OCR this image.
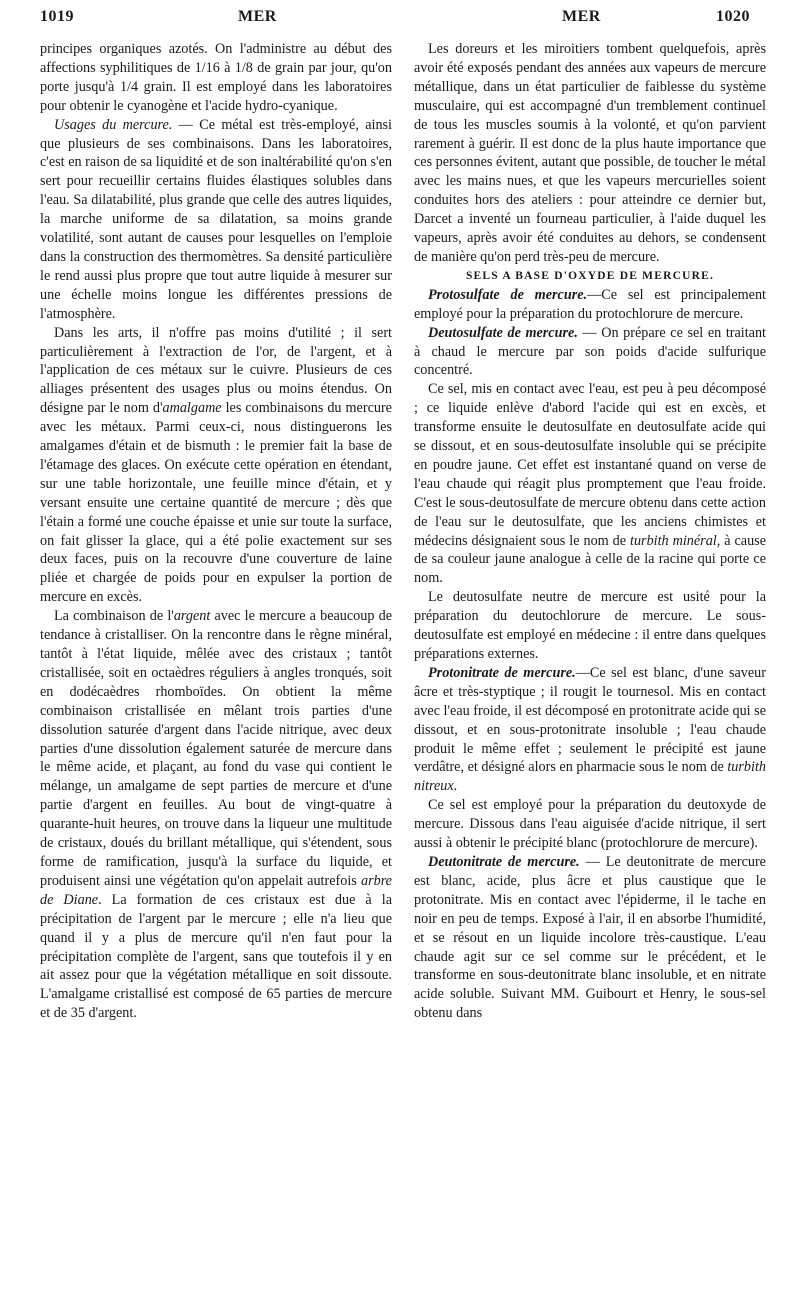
1019	MER	MER	1020

principes organiques azotés. On l'administre au début des affections syphilitiques de 1/16 à 1/8 de grain par jour, qu'on porte jusqu'à 1/4 grain. Il est employé dans les laboratoires pour obtenir le cyanogène et l'acide hydro-cyanique.

Usages du mercure. — Ce métal est très-employé, ainsi que plusieurs de ses combinaisons. Dans les laboratoires, c'est en raison de sa liquidité et de son inaltérabilité qu'on s'en sert pour recueillir certains fluides élastiques solubles dans l'eau. Sa dilatabilité, plus grande que celle des autres liquides, la marche uniforme de sa dilatation, sa moins grande volatilité, sont autant de causes pour lesquelles on l'emploie dans la construction des thermomètres. Sa densité particulière le rend aussi plus propre que tout autre liquide à mesurer sur une échelle moins longue les différentes pressions de l'atmosphère.

Dans les arts, il n'offre pas moins d'utilité ; il sert particulièrement à l'extraction de l'or, de l'argent, et à l'application de ces métaux sur le cuivre. Plusieurs de ces alliages présentent des usages plus ou moins étendus. On désigne par le nom d'amalgame les combinaisons du mercure avec les métaux. Parmi ceux-ci, nous distinguerons les amalgames d'étain et de bismuth : le premier fait la base de l'étamage des glaces. On exécute cette opération en étendant, sur une table horizontale, une feuille mince d'étain, et y versant ensuite une certaine quantité de mercure ; dès que l'étain a formé une couche épaisse et unie sur toute la surface, on fait glisser la glace, qui a été polie exactement sur ses deux faces, puis on la recouvre d'une couverture de laine pliée et chargée de poids pour en expulser la portion de mercure en excès.

La combinaison de l'argent avec le mercure a beaucoup de tendance à cristalliser. On la rencontre dans le règne minéral, tantôt à l'état liquide, mêlée avec des cristaux ; tantôt cristallisée, soit en octaèdres réguliers à angles tronqués, soit en dodécaèdres rhomboïdes. On obtient la même combinaison cristallisée en mêlant trois parties d'une dissolution saturée d'argent dans l'acide nitrique, avec deux parties d'une dissolution également saturée de mercure dans le même acide, et plaçant, au fond du vase qui contient le mélange, un amalgame de sept parties de mercure et d'une partie d'argent en feuilles. Au bout de vingt-quatre à quarante-huit heures, on trouve dans la liqueur une multitude de cristaux, doués du brillant métallique, qui s'étendent, sous forme de ramification, jusqu'à la surface du liquide, et produisent ainsi une végétation qu'on appelait autrefois arbre de Diane. La formation de ces cristaux est due à la précipitation de l'argent par le mercure ; elle n'a lieu que quand il y a plus de mercure qu'il n'en faut pour la précipitation complète de l'argent, sans que toutefois il y en ait assez pour que la végétation métallique en soit dissoute. L'amalgame cristallisé est composé de 65 parties de mercure et de 35 d'argent.

Les doreurs et les miroitiers tombent quelquefois, après avoir été exposés pendant des années aux vapeurs de mercure métallique, dans un état particulier de faiblesse du système musculaire, qui est accompagné d'un tremblement continuel de tous les muscles soumis à la volonté, et qu'on parvient rarement à guérir. Il est donc de la plus haute importance que ces personnes évitent, autant que possible, de toucher le métal avec les mains nues, et que les vapeurs mercurielles soient conduites hors des ateliers : pour atteindre ce dernier but, Darcet a inventé un fourneau particulier, à l'aide duquel les vapeurs, après avoir été conduites au dehors, se condensent de manière qu'on perd très-peu de mercure.

SELS A BASE D'OXYDE DE MERCURE.

Protosulfate de mercure.—Ce sel est principalement employé pour la préparation du protochlorure de mercure.

Deutosulfate de mercure. — On prépare ce sel en traitant à chaud le mercure par son poids d'acide sulfurique concentré.

Ce sel, mis en contact avec l'eau, est peu à peu décomposé ; ce liquide enlève d'abord l'acide qui est en excès, et transforme ensuite le deutosulfate en deutosulfate acide qui se dissout, et en sous-deutosulfate insoluble qui se précipite en poudre jaune. Cet effet est instantané quand on verse de l'eau chaude qui réagit plus promptement que l'eau froide. C'est le sous-deutosulfate de mercure obtenu dans cette action de l'eau sur le deutosulfate, que les anciens chimistes et médecins désignaient sous le nom de turbith minéral, à cause de sa couleur jaune analogue à celle de la racine qui porte ce nom.

Le deutosulfate neutre de mercure est usité pour la préparation du deutochlorure de mercure. Le sous-deutosulfate est employé en médecine : il entre dans quelques préparations externes.

Protonitrate de mercure.—Ce sel est blanc, d'une saveur âcre et très-styptique ; il rougit le tournesol. Mis en contact avec l'eau froide, il est décomposé en protonitrate acide qui se dissout, et en sous-protonitrate insoluble ; l'eau chaude produit le même effet ; seulement le précipité est jaune verdâtre, et désigné alors en pharmacie sous le nom de turbith nitreux.

Ce sel est employé pour la préparation du deutoxyde de mercure. Dissous dans l'eau aiguisée d'acide nitrique, il sert aussi à obtenir le précipité blanc (protochlorure de mercure).

Deutonitrate de mercure. — Le deutonitrate de mercure est blanc, acide, plus âcre et plus caustique que le protonitrate. Mis en contact avec l'épiderme, il le tache en noir en peu de temps. Exposé à l'air, il en absorbe l'humidité, et se résout en un liquide incolore très-caustique. L'eau chaude agit sur ce sel comme sur le précédent, et le transforme en sous-deutonitrate blanc insoluble, et en nitrate acide soluble. Suivant MM. Guibourt et Henry, le sous-sel obtenu dans
